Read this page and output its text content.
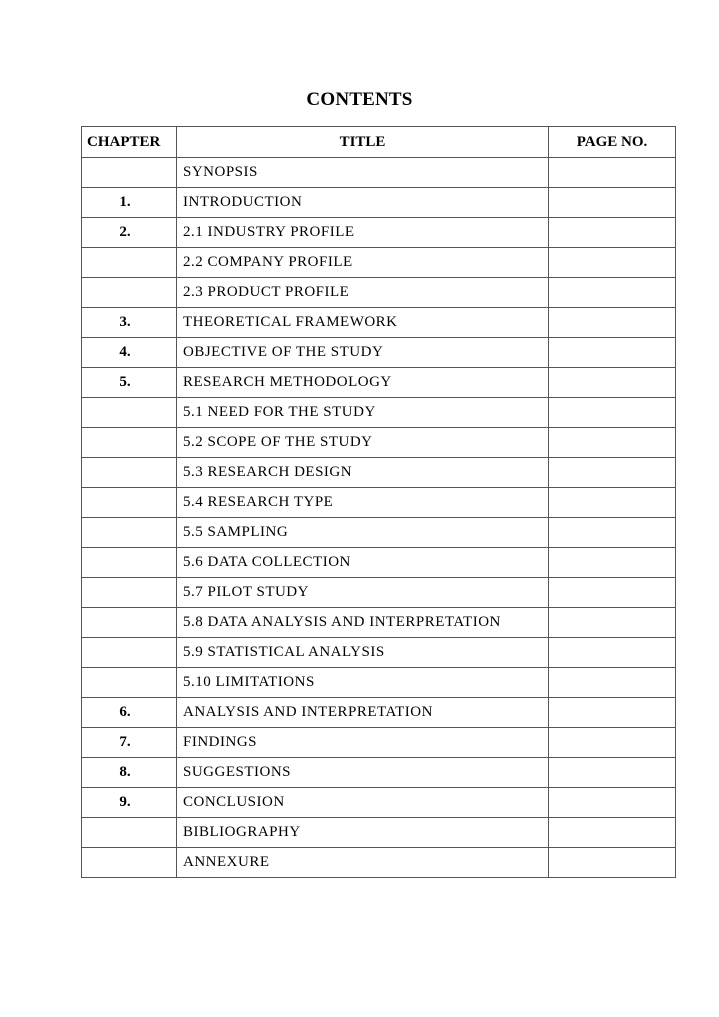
CONTENTS
CHAPTER	TITLE	PAGE NO.
	SYNOPSIS	
1.	INTRODUCTION	
2.	2.1 INDUSTRY PROFILE	
	2.2 COMPANY PROFILE	
	2.3 PRODUCT PROFILE	
3.	THEORETICAL FRAMEWORK	
4.	OBJECTIVE OF THE STUDY	
5.	RESEARCH METHODOLOGY	
	5.1 NEED FOR THE STUDY	
	5.2 SCOPE OF THE STUDY	
	5.3 RESEARCH DESIGN	
	5.4 RESEARCH TYPE	
	5.5 SAMPLING	
	5.6 DATA COLLECTION	
	5.7 PILOT STUDY	
	5.8 DATA ANALYSIS AND INTERPRETATION	
	5.9 STATISTICAL ANALYSIS	
	5.10 LIMITATIONS	
6.	ANALYSIS AND INTERPRETATION	
7.	FINDINGS	
8.	SUGGESTIONS	
9.	CONCLUSION	
	BIBLIOGRAPHY	
	ANNEXURE	
